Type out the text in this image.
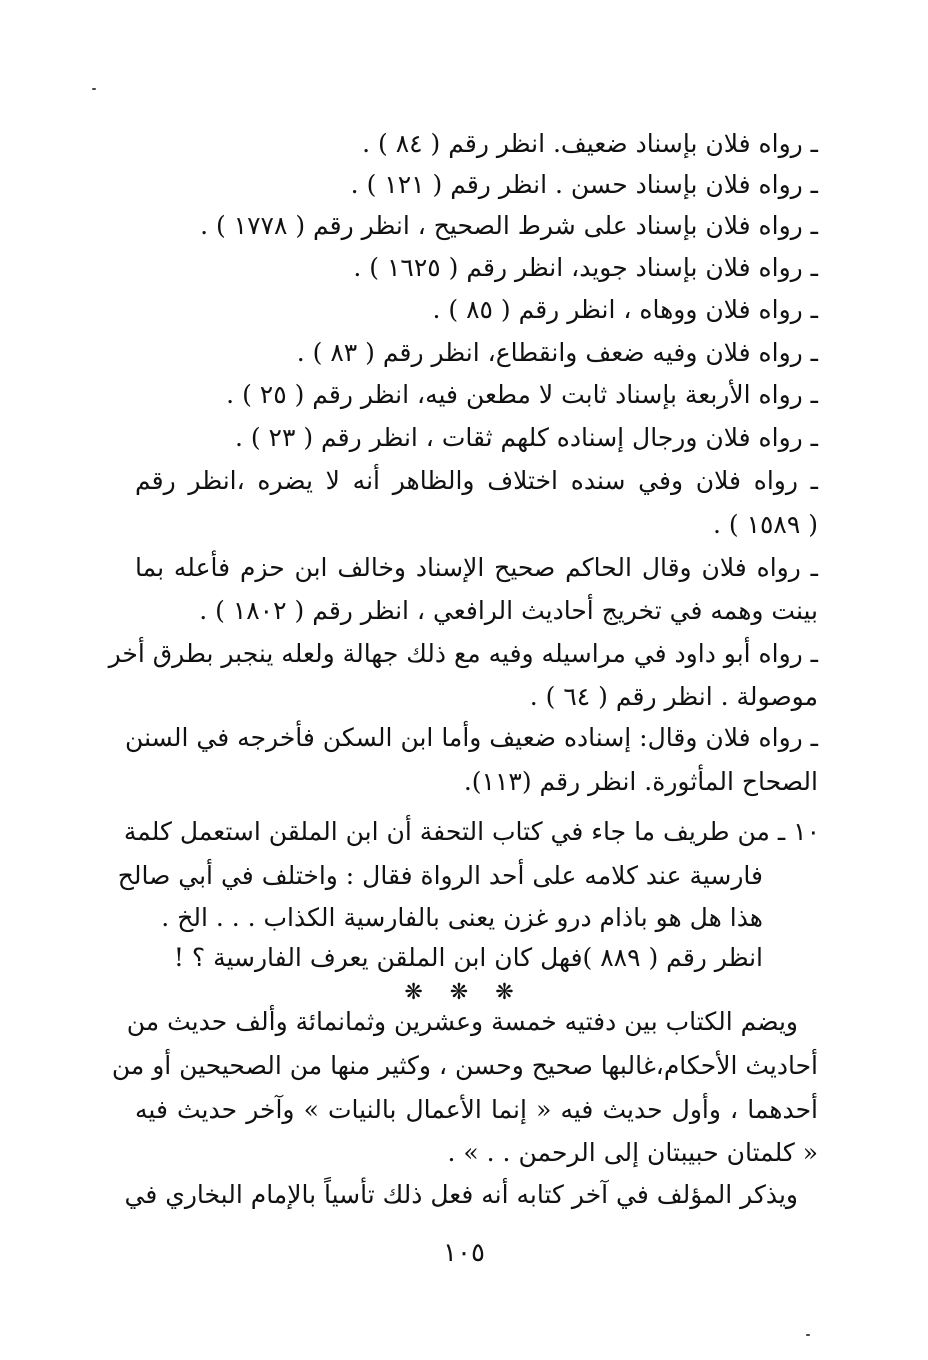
ـ رواه فلان بإسناد ضعيف. انظر رقم ( ٨٤ ) .
ـ رواه فلان بإسناد حسن . انظر رقم ( ١٢١ ) .
ـ رواه فلان بإسناد على شرط الصحيح ، انظر رقم ( ١٧٧٨ ) .
ـ رواه فلان بإسناد جويد، انظر رقم ( ١٦٢٥ ) .
ـ رواه فلان ووهاه ، انظر رقم ( ٨٥ ) .
ـ رواه فلان وفيه ضعف وانقطاع، انظر رقم ( ٨٣ ) .
ـ رواه الأربعة بإسناد ثابت لا مطعن فيه، انظر رقم ( ٢٥ ) .
ـ رواه فلان ورجال إسناده كلهم ثقات ، انظر رقم ( ٢٣ ) .
ـ رواه فلان وفي سنده اختلاف والظاهر أنه لا يضره ،انظر رقم
( ١٥٨٩ ) .
ـ رواه فلان وقال الحاكم صحيح الإسناد وخالف ابن حزم فأعله بما
بينت وهمه في تخريج أحاديث الرافعي ، انظر رقم ( ١٨٠٢ ) .
ـ رواه أبو داود في مراسيله وفيه مع ذلك جهالة ولعله ينجبر بطرق أخر
موصولة . انظر رقم ( ٦٤ ) .
ـ رواه فلان وقال: إسناده ضعيف وأما ابن السكن فأخرجه في السنن
الصحاح المأثورة. انظر رقم (١١٣).
١٠ ـ من طريف ما جاء في كتاب التحفة أن ابن الملقن استعمل كلمة
فارسية عند كلامه على أحد الرواة فقال : واختلف في أبي صالح
هذا هل هو باذام درو غزن يعنى بالفارسية الكذاب . . . الخ .
انظر رقم ( ٨٨٩ )فهل كان ابن الملقن يعرف الفارسية ؟ !
❋ ❋ ❋
ويضم الكتاب بين دفتيه خمسة وعشرين وثمانمائة وألف حديث من
أحاديث الأحكام،غالبها صحيح وحسن ، وكثير منها من الصحيحين أو من
أحدهما ، وأول حديث فيه « إنما الأعمال بالنيات » وآخر حديث فيه
« كلمتان حبيبتان إلى الرحمن . . » .
ويذكر المؤلف في آخر كتابه أنه فعل ذلك تأسياً بالإمام البخاري في
١٠٥
